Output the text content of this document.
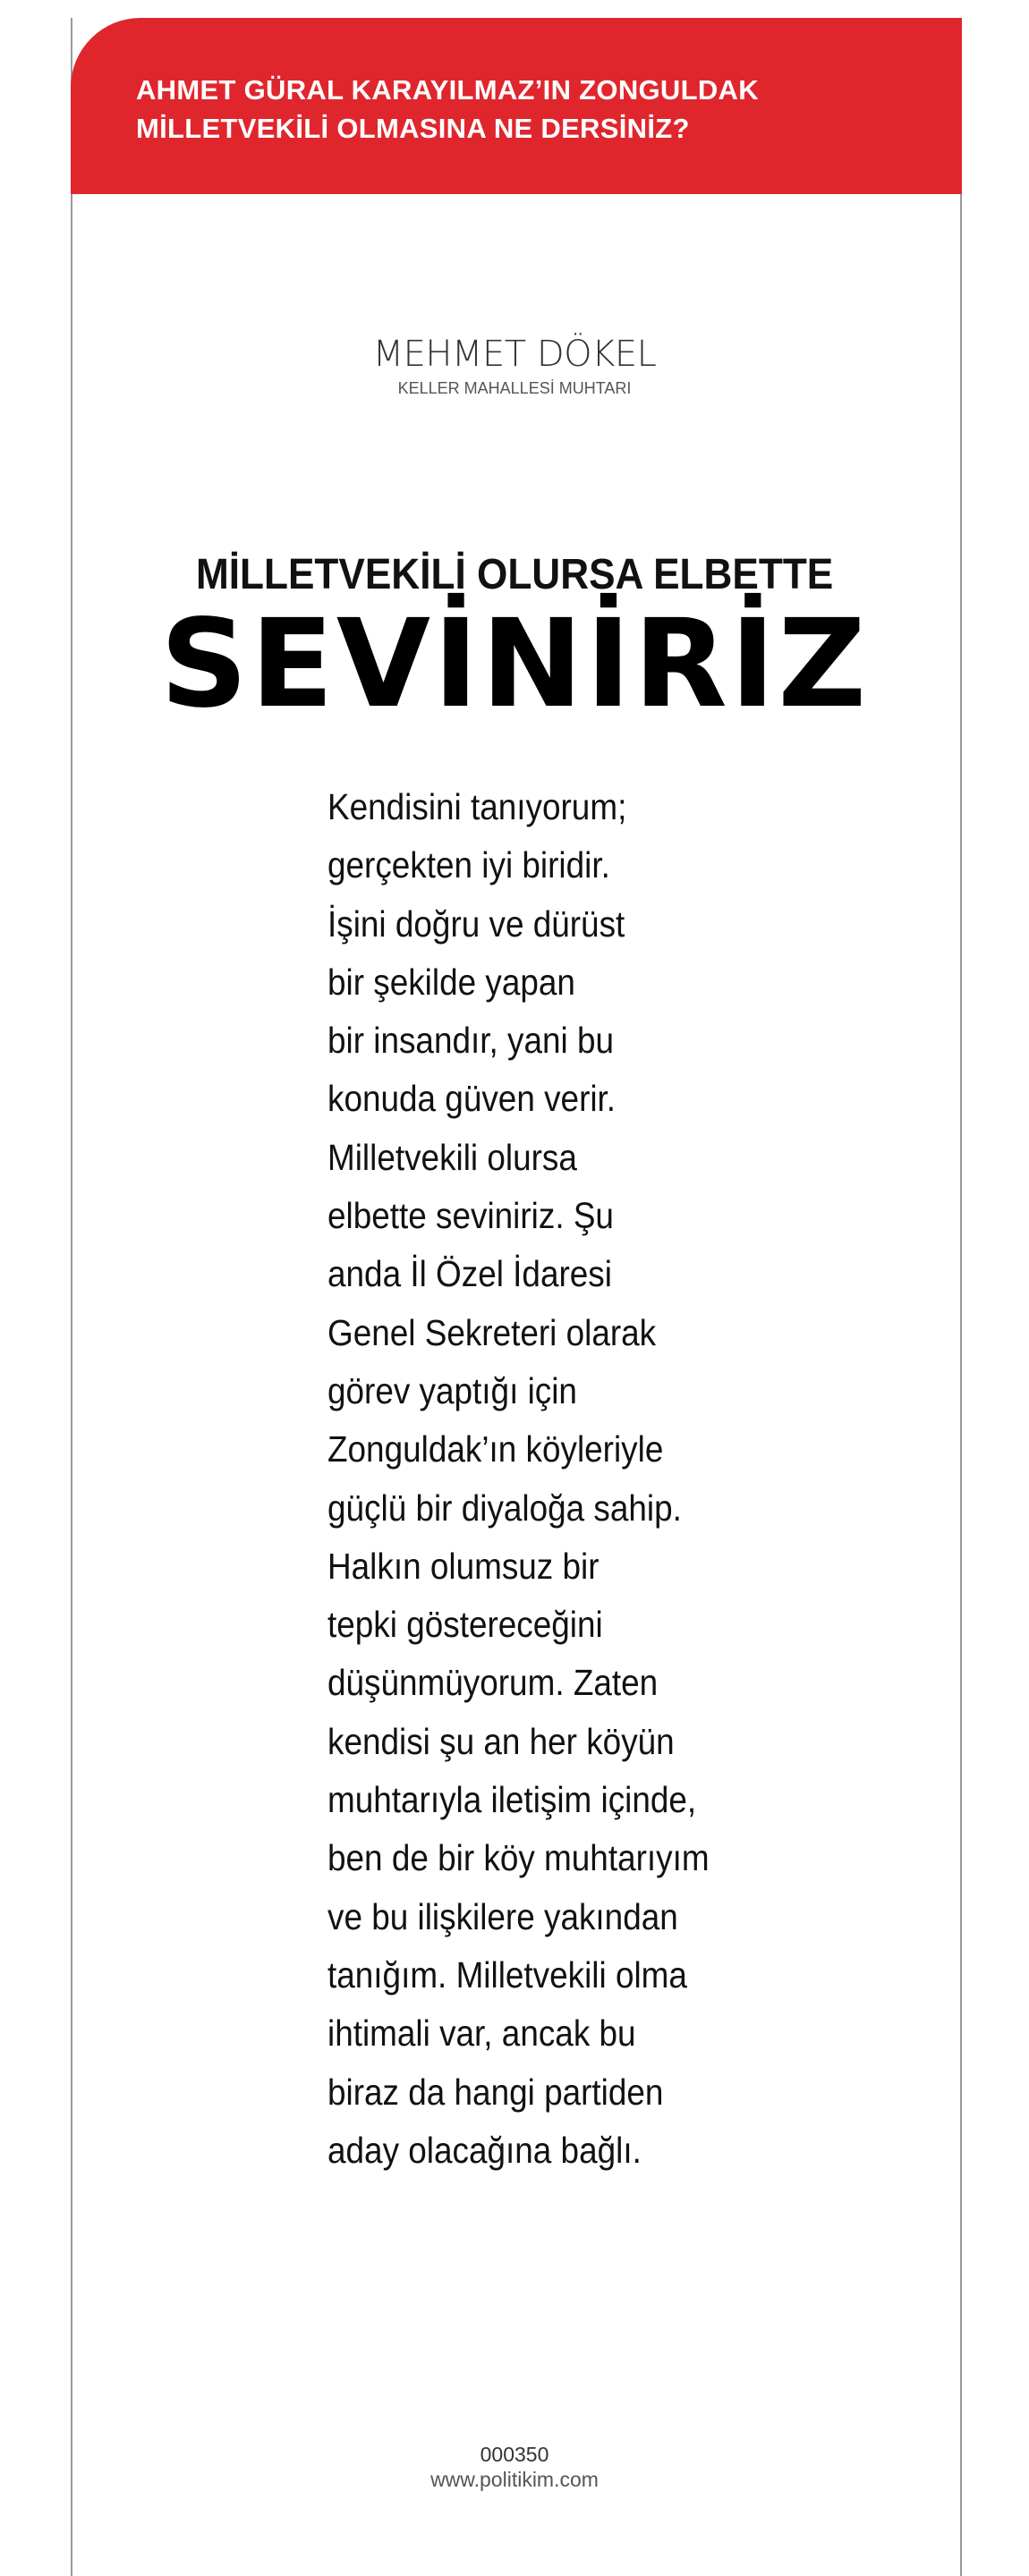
AHMET GÜRAL KARAYILMAZ’IN ZONGULDAK
MİLLETVEKİLİ OLMASINA NE DERSİNİZ?

MEHMET DÖKEL
KELLER MAHALLESİ MUHTARI
MİLLETVEKİLİ OLURSA ELBETTE
SEVİNİRİZ
Kendisini tanıyorum;
gerçekten iyi biridir.
İşini doğru ve dürüst
bir şekilde yapan
bir insandır, yani bu
konuda güven verir.
Milletvekili olursa
elbette seviniriz. Şu
anda İl Özel İdaresi
Genel Sekreteri olarak
görev yaptığı için
Zonguldak’ın köyleriyle
güçlü bir diyaloğa sahip.
Halkın olumsuz bir
tepki göstereceğini
düşünmüyorum. Zaten
kendisi şu an her köyün
muhtarıyla iletişim içinde,
ben de bir köy muhtarıyım
ve bu ilişkilere yakından
tanığım. Milletvekili olma
ihtimali var, ancak bu
biraz da hangi partiden
aday olacağına bağlı.
000350
www.politikim.com
